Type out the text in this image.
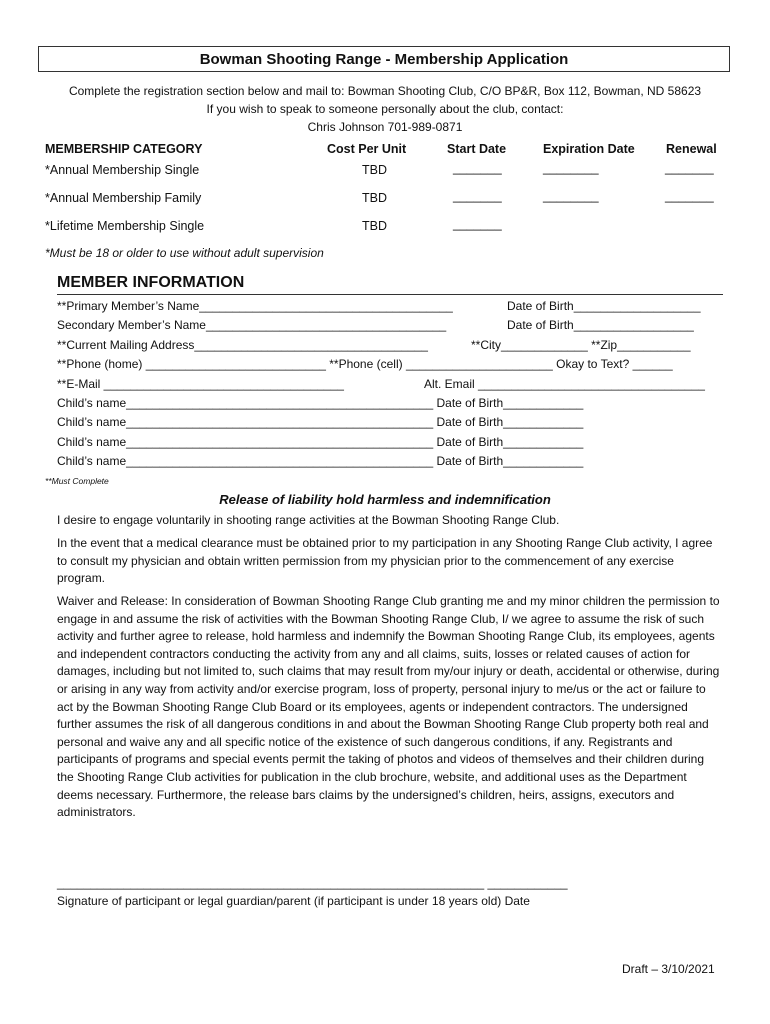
Bowman Shooting Range - Membership Application
Complete the registration section below and mail to: Bowman Shooting Club, C/O BP&R, Box 112, Bowman, ND 58623
If you wish to speak to someone personally about the club, contact:
Chris Johnson 701-989-0871
MEMBERSHIP CATEGORY	Cost Per Unit	Start Date	Expiration Date	Renewal
*Annual Membership Single	TBD	_______	________	_______
*Annual Membership Family	TBD	_______	________	_______
*Lifetime Membership Single	TBD	_______
*Must be 18 or older to use without adult supervision
MEMBER INFORMATION
**Primary Member’s Name______________________________________	Date of Birth___________________
Secondary Member’s Name____________________________________	Date of Birth__________________
**Current Mailing Address___________________________________	**City_____________ **Zip___________
**Phone (home) ___________________________ **Phone (cell) ______________________ Okay to Text? ______
**E-Mail ____________________________________	Alt. Email __________________________________
Child’s name______________________________________________ Date of Birth____________
Child’s name______________________________________________ Date of Birth____________
Child’s name______________________________________________ Date of Birth____________
Child’s name______________________________________________ Date of Birth____________
**Must Complete
Release of liability hold harmless and indemnification
I desire to engage voluntarily in shooting range activities at the Bowman Shooting Range Club.
In the event that a medical clearance must be obtained prior to my participation in any Shooting Range Club activity, I agree to consult my physician and obtain written permission from my physician prior to the commencement of any exercise program.
Waiver and Release: In consideration of Bowman Shooting Range Club granting me and my minor children the permission to engage in and assume the risk of activities with the Bowman Shooting Range Club, I/ we agree to assume the risk of such activity and further agree to release, hold harmless and indemnify the Bowman Shooting Range Club, its employees, agents and independent contractors conducting the activity from any and all claims, suits, losses or related causes of action for damages, including but not limited to, such claims that may result from my/our injury or death, accidental or otherwise, during or arising in any way from activity and/or exercise program, loss of property, personal injury to me/us or the act or failure to act by the Bowman Shooting Range Club Board or its employees, agents or independent contractors. The undersigned further assumes the risk of all dangerous conditions in and about the Bowman Shooting Range Club property both real and personal and waive any and all specific notice of the existence of such dangerous conditions, if any. Registrants and participants of programs and special events permit the taking of photos and videos of themselves and their children during the Shooting Range Club activities for publication in the club brochure, website, and additional uses as the Department deems necessary. Furthermore, the release bars claims by the undersigned’s children, heirs, assigns, executors and administrators.
________________________________________________________________ ____________
Signature of participant or legal guardian/parent (if participant is under 18 years old) Date
Draft – 3/10/2021
